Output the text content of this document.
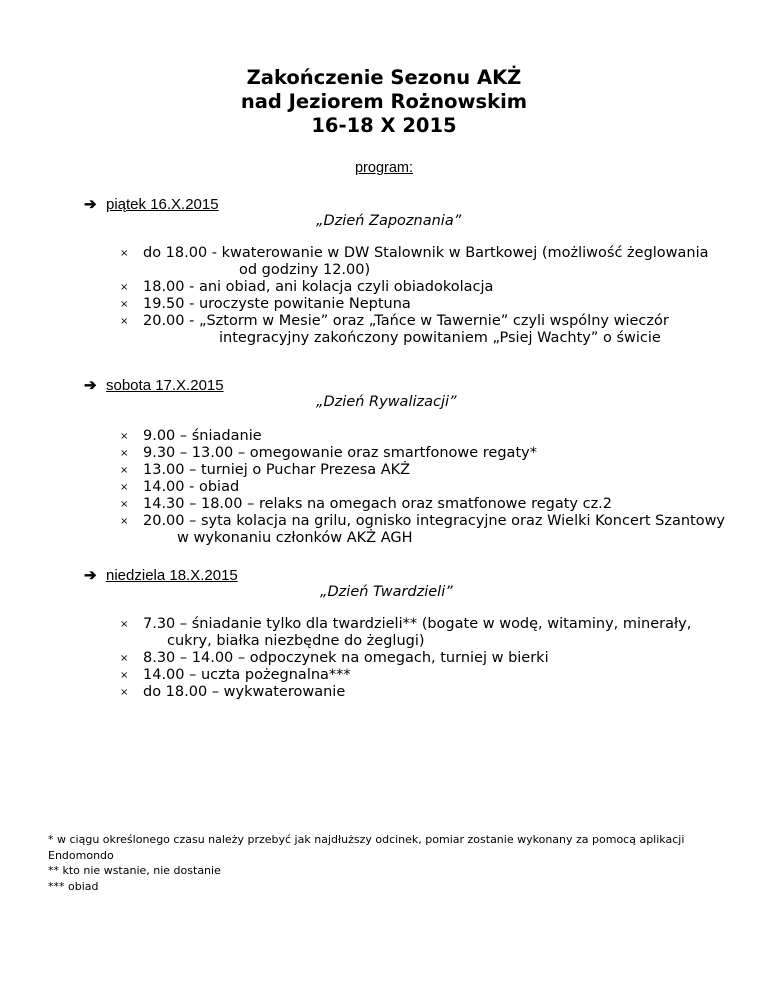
Zakończenie Sezonu AKŻ
nad Jeziorem Rożnowskim
16-18 X 2015
program:
➔ piątek 16.X.2015
„Dzień Zapoznania”
× do 18.00 - kwaterowanie w DW Stalownik w Bartkowej (możliwość żeglowania
od godziny 12.00)
× 18.00 - ani obiad, ani kolacja czyli obiadokolacja
× 19.50 - uroczyste powitanie Neptuna
× 20.00 - „Sztorm w Mesie” oraz „Tańce w Tawernie” czyli wspólny wieczór
integracyjny zakończony powitaniem „Psiej Wachty” o świcie
➔ sobota 17.X.2015
„Dzień Rywalizacji”
× 9.00 – śniadanie
× 9.30 – 13.00 – omegowanie oraz smartfonowe regaty*
× 13.00 – turniej o Puchar Prezesa AKŻ
× 14.00 - obiad
× 14.30 – 18.00 – relaks na omegach oraz smatfonowe regaty cz.2
× 20.00 – syta kolacja na grilu, ognisko integracyjne oraz Wielki Koncert Szantowy
w wykonaniu członków AKŻ AGH
➔ niedziela 18.X.2015
„Dzień Twardzieli”
× 7.30 – śniadanie tylko dla twardzieli** (bogate w wodę, witaminy, minerały,
cukry, białka niezbędne do żeglugi)
× 8.30 – 14.00 – odpoczynek na omegach, turniej w bierki
× 14.00 – uczta pożegnalna***
× do 18.00 – wykwaterowanie
* w ciągu określonego czasu należy przebyć jak najdłuższy odcinek, pomiar zostanie wykonany za pomocą aplikacji Endomondo
** kto nie wstanie, nie dostanie
*** obiad
